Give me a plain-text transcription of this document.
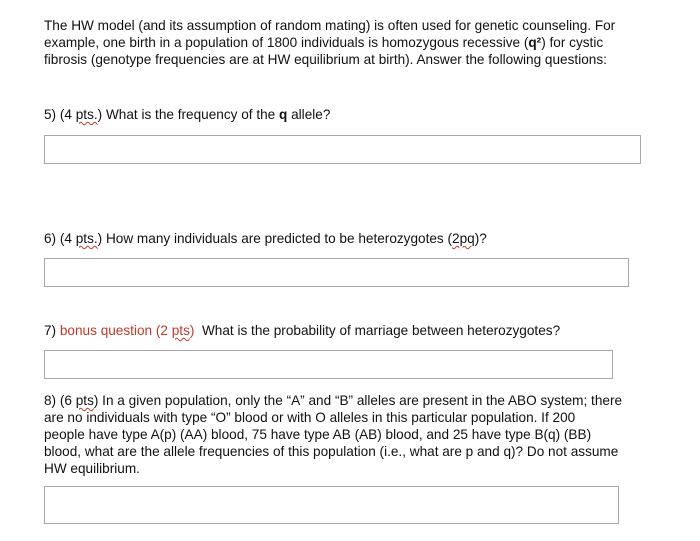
The HW model (and its assumption of random mating) is often used for genetic counseling. For
example, one birth in a population of 1800 individuals is homozygous recessive (q²) for cystic
fibrosis (genotype frequencies are at HW equilibrium at birth). Answer the following questions:
5) (4 pts.) What is the frequency of the q allele?
6) (4 pts.) How many individuals are predicted to be heterozygotes (2pq)?
7) bonus question (2 pts)  What is the probability of marriage between heterozygotes?
8) (6 pts) In a given population, only the “A” and “B” alleles are present in the ABO system; there
are no individuals with type “O” blood or with O alleles in this particular population. If 200
people have type A(p) (AA) blood, 75 have type AB (AB) blood, and 25 have type B(q) (BB)
blood, what are the allele frequencies of this population (i.e., what are p and q)? Do not assume
HW equilibrium.
